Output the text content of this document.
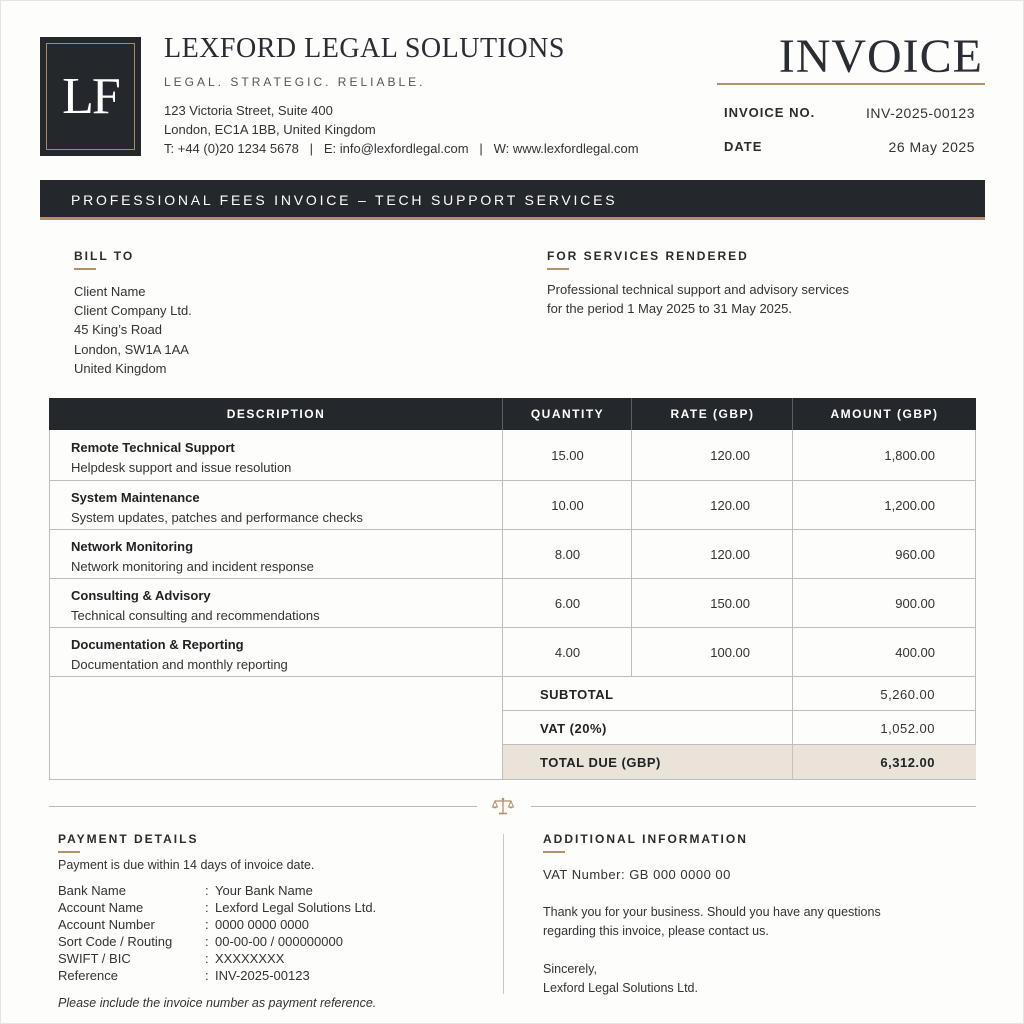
LF
LEXFORD LEGAL SOLUTIONS
LEGAL. STRATEGIC. RELIABLE.
123 Victoria Street, Suite 400
London, EC1A 1BB, United Kingdom
T: +44 (0)20 1234 5678   |   E: info@lexfordlegal.com   |   W: www.lexfordlegal.com
INVOICE
INVOICE NO.	INV-2025-00123
DATE	26 May 2025
PROFESSIONAL FEES INVOICE – TECH SUPPORT SERVICES
BILL TO
Client Name
Client Company Ltd.
45 King’s Road
London, SW1A 1AA
United Kingdom
FOR SERVICES RENDERED
Professional technical support and advisory services
for the period 1 May 2025 to 31 May 2025.
DESCRIPTION	QUANTITY	RATE (GBP)	AMOUNT (GBP)
Remote Technical Support
Helpdesk support and issue resolution
15.00	120.00	1,800.00
System Maintenance
System updates, patches and performance checks
10.00	120.00	1,200.00
Network Monitoring
Network monitoring and incident response
8.00	120.00	960.00
Consulting & Advisory
Technical consulting and recommendations
6.00	150.00	900.00
Documentation & Reporting
Documentation and monthly reporting
4.00	100.00	400.00
SUBTOTAL	5,260.00
VAT (20%)	1,052.00
TOTAL DUE (GBP)	6,312.00
PAYMENT DETAILS
Payment is due within 14 days of invoice date.
Bank Name	: Your Bank Name
Account Name	: Lexford Legal Solutions Ltd.
Account Number	: 0000 0000 0000
Sort Code / Routing	: 00-00-00 / 000000000
SWIFT / BIC	: XXXXXXXX
Reference	: INV-2025-00123
Please include the invoice number as payment reference.
ADDITIONAL INFORMATION
VAT Number: GB 000 0000 00
Thank you for your business. Should you have any questions
regarding this invoice, please contact us.
Sincerely,
Lexford Legal Solutions Ltd.
